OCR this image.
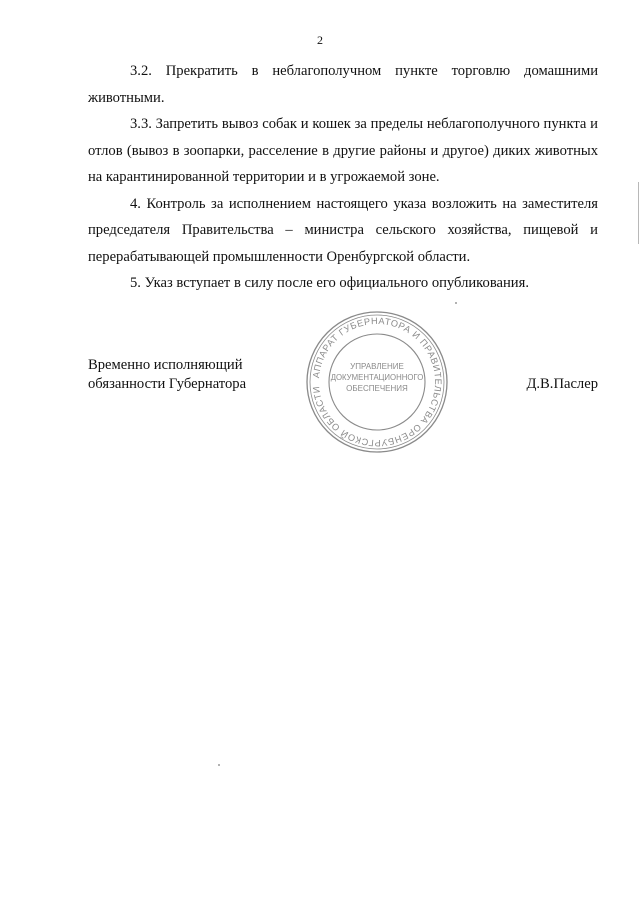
2

3.2. Прекратить в неблагополучном пункте торговлю домашними животными.

3.3. Запретить вывоз собак и кошек за пределы неблагополучного пункта и отлов (вывоз в зоопарки, расселение в другие районы и другое) диких животных на карантинированной территории и в угрожаемой зоне.

4. Контроль за исполнением настоящего указа возложить на заместителя председателя Правительства – министра сельского хозяйства, пищевой и перерабатывающей промышленности Оренбургской области.

5. Указ вступает в силу после его официального опубликования.

Временно исполняющий
обязанности Губернатора	Д.В.Паслер
АППАРАТ ГУБЕРНАТОРА И ПРАВИТЕЛЬСТВА ОРЕНБУРГСКОЙ ОБЛАСТИ
УПРАВЛЕНИЕ
ДОКУМЕНТАЦИОННОГО
ОБЕСПЕЧЕНИЯ
